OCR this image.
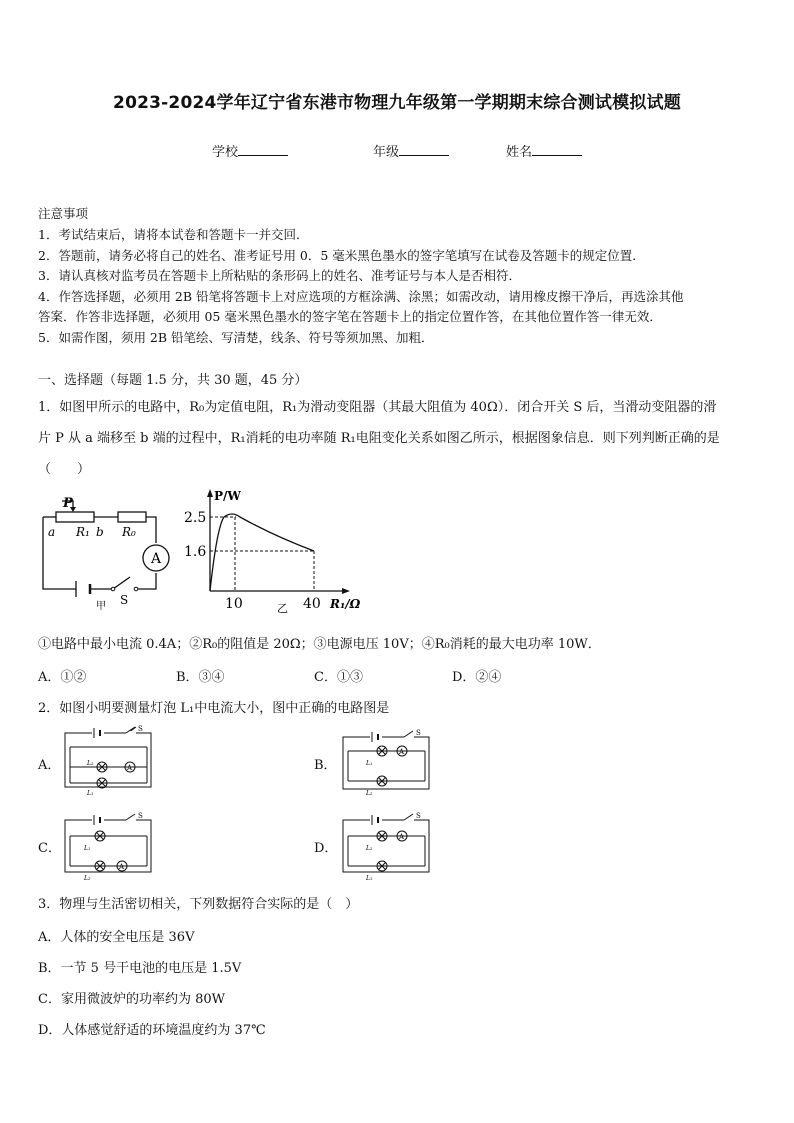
2023-2024学年辽宁省东港市物理九年级第一学期期末综合测试模拟试题
学校	年级	姓名
注意事项
1．考试结束后，请将本试卷和答题卡一并交回．
2．答题前，请务必将自己的姓名、准考证号用 0．5 毫米黑色墨水的签字笔填写在试卷及答题卡的规定位置．
3．请认真核对监考员在答题卡上所粘贴的条形码上的姓名、准考证号与本人是否相符．
4．作答选择题，必须用 2B 铅笔将答题卡上对应选项的方框涂满、涂黑；如需改动，请用橡皮擦干净后，再选涂其他
答案．作答非选择题，必须用 05 毫米黑色墨水的签字笔在答题卡上的指定位置作答，在其他位置作答一律无效．
5．如需作图，须用 2B 铅笔绘、写清楚，线条、符号等须加黑、加粗．
一、选择题（每题 1.5 分，共 30 题，45 分）
1．如图甲所示的电路中，R₀为定值电阻，R₁为滑动变阻器（其最大阻值为 40Ω）．闭合开关 S 后，当滑动变阻器的滑
片 P 从 a 端移至 b 端的过程中，R₁消耗的电功率随 R₁电阻变化关系如图乙所示，根据图象信息．则下列判断正确的是
（　　）
P
a R₁ b R₀
A
甲 S
P/W
2.5
1.6
10	40
乙	R₁/Ω
①电路中最小电流 0.4A；②R₀的阻值是 20Ω；③电源电压 10V；④R₀消耗的最大电功率 10W．
A．①②	B．③④	C．①③	D．②④
2．如图小明要测量灯泡 L₁中电流大小，图中正确的电路图是
A．	B．
C．	D．
A
S
L₂
L₁
A
S
L₁
L₂
A
S
L₁
L₂
A
S
L₂
L₁
3．物理与生活密切相关，下列数据符合实际的是（　）
A．人体的安全电压是 36V
B．一节 5 号干电池的电压是 1.5V
C．家用微波炉的功率约为 80W
D．人体感觉舒适的环境温度约为 37℃
